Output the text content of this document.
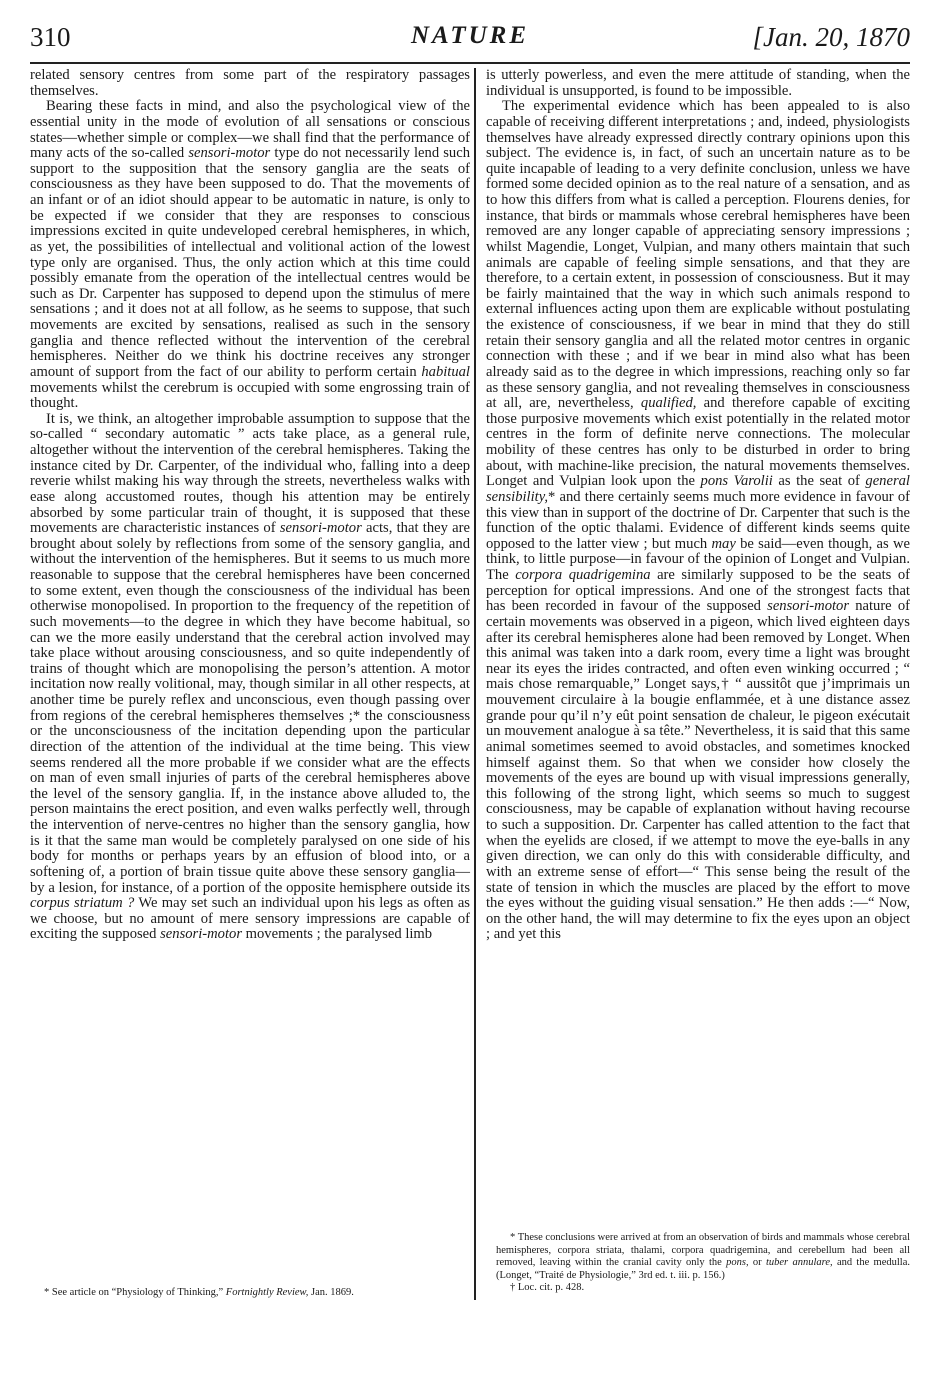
310	NATURE	[Jan. 20, 1870

related sensory centres from some part of the respiratory passages themselves.

Bearing these facts in mind, and also the psychological view of the essential unity in the mode of evolution of all sensations or conscious states—whether simple or complex—we shall find that the performance of many acts of the so-called sensori-motor type do not necessarily lend such support to the supposition that the sensory ganglia are the seats of consciousness as they have been supposed to do. That the movements of an infant or of an idiot should appear to be automatic in nature, is only to be expected if we consider that they are responses to conscious impressions excited in quite undeveloped cerebral hemispheres, in which, as yet, the possibilities of intellectual and volitional action of the lowest type only are organised. Thus, the only action which at this time could possibly emanate from the operation of the intellectual centres would be such as Dr. Carpenter has supposed to depend upon the stimulus of mere sensations ; and it does not at all follow, as he seems to suppose, that such movements are excited by sensations, realised as such in the sensory ganglia and thence reflected without the intervention of the cerebral hemispheres. Neither do we think his doctrine receives any stronger amount of support from the fact of our ability to perform certain habitual movements whilst the cerebrum is occupied with some engrossing train of thought.

It is, we think, an altogether improbable assumption to suppose that the so-called “ secondary automatic ” acts take place, as a general rule, altogether without the intervention of the cerebral hemispheres. Taking the instance cited by Dr. Carpenter, of the individual who, falling into a deep reverie whilst making his way through the streets, nevertheless walks with ease along accustomed routes, though his attention may be entirely absorbed by some particular train of thought, it is supposed that these movements are characteristic instances of sensori-motor acts, that they are brought about solely by reflections from some of the sensory ganglia, and without the intervention of the hemispheres. But it seems to us much more reasonable to suppose that the cerebral hemispheres have been concerned to some extent, even though the consciousness of the individual has been otherwise monopolised. In proportion to the frequency of the repetition of such movements—to the degree in which they have become habitual, so can we the more easily understand that the cerebral action involved may take place without arousing consciousness, and so quite independently of trains of thought which are monopolising the person’s attention. A motor incitation now really volitional, may, though similar in all other respects, at another time be purely reflex and unconscious, even though passing over from regions of the cerebral hemispheres themselves ;* the consciousness or the unconsciousness of the incitation depending upon the particular direction of the attention of the individual at the time being. This view seems rendered all the more probable if we consider what are the effects on man of even small injuries of parts of the cerebral hemispheres above the level of the sensory ganglia. If, in the instance above alluded to, the person maintains the erect position, and even walks perfectly well, through the intervention of nerve-centres no higher than the sensory ganglia, how is it that the same man would be completely paralysed on one side of his body for months or perhaps years by an effusion of blood into, or a softening of, a portion of brain tissue quite above these sensory ganglia—by a lesion, for instance, of a portion of the opposite hemisphere outside its corpus striatum ? We may set such an individual upon his legs as often as we choose, but no amount of mere sensory impressions are capable of exciting the supposed sensori-motor movements ; the paralysed limb

* See article on “Physiology of Thinking,” Fortnightly Review, Jan. 1869.

is utterly powerless, and even the mere attitude of standing, when the individual is unsupported, is found to be impossible.

The experimental evidence which has been appealed to is also capable of receiving different interpretations ; and, indeed, physiologists themselves have already expressed directly contrary opinions upon this subject. The evidence is, in fact, of such an uncertain nature as to be quite incapable of leading to a very definite conclusion, unless we have formed some decided opinion as to the real nature of a sensation, and as to how this differs from what is called a perception. Flourens denies, for instance, that birds or mammals whose cerebral hemispheres have been removed are any longer capable of appreciating sensory impressions ; whilst Magendie, Longet, Vulpian, and many others maintain that such animals are capable of feeling simple sensations, and that they are therefore, to a certain extent, in possession of consciousness. But it may be fairly maintained that the way in which such animals respond to external influences acting upon them are explicable without postulating the existence of consciousness, if we bear in mind that they do still retain their sensory ganglia and all the related motor centres in organic connection with these ; and if we bear in mind also what has been already said as to the degree in which impressions, reaching only so far as these sensory ganglia, and not revealing themselves in consciousness at all, are, nevertheless, qualified, and therefore capable of exciting those purposive movements which exist potentially in the related motor centres in the form of definite nerve connections. The molecular mobility of these centres has only to be disturbed in order to bring about, with machine-like precision, the natural movements themselves. Longet and Vulpian look upon the pons Varolii as the seat of general sensibility,* and there certainly seems much more evidence in favour of this view than in support of the doctrine of Dr. Carpenter that such is the function of the optic thalami. Evidence of different kinds seems quite opposed to the latter view ; but much may be said—even though, as we think, to little purpose—in favour of the opinion of Longet and Vulpian. The corpora quadrigemina are similarly supposed to be the seats of perception for optical impressions. And one of the strongest facts that has been recorded in favour of the supposed sensori-motor nature of certain movements was observed in a pigeon, which lived eighteen days after its cerebral hemispheres alone had been removed by Longet. When this animal was taken into a dark room, every time a light was brought near its eyes the irides contracted, and often even winking occurred ; “ mais chose remarquable,” Longet says,† “ aussitôt que j’imprimais un mouvement circulaire à la bougie enflammée, et à une distance assez grande pour qu’il n’y eût point sensation de chaleur, le pigeon exécutait un mouvement analogue à sa tête.” Nevertheless, it is said that this same animal sometimes seemed to avoid obstacles, and sometimes knocked himself against them. So that when we consider how closely the movements of the eyes are bound up with visual impressions generally, this following of the strong light, which seems so much to suggest consciousness, may be capable of explanation without having recourse to such a supposition. Dr. Carpenter has called attention to the fact that when the eyelids are closed, if we attempt to move the eye-balls in any given direction, we can only do this with considerable difficulty, and with an extreme sense of effort—“ This sense being the result of the state of tension in which the muscles are placed by the effort to move the eyes without the guiding visual sensation.” He then adds :—“ Now, on the other hand, the will may determine to fix the eyes upon an object ; and yet this

* These conclusions were arrived at from an observation of birds and mammals whose cerebral hemispheres, corpora striata, thalami, corpora quadrigemina, and cerebellum had been all removed, leaving within the cranial cavity only the pons, or tuber annulare, and the medulla. (Longet, “Traité de Physiologie,” 3rd ed. t. iii. p. 156.)

† Loc. cit. p. 428.
